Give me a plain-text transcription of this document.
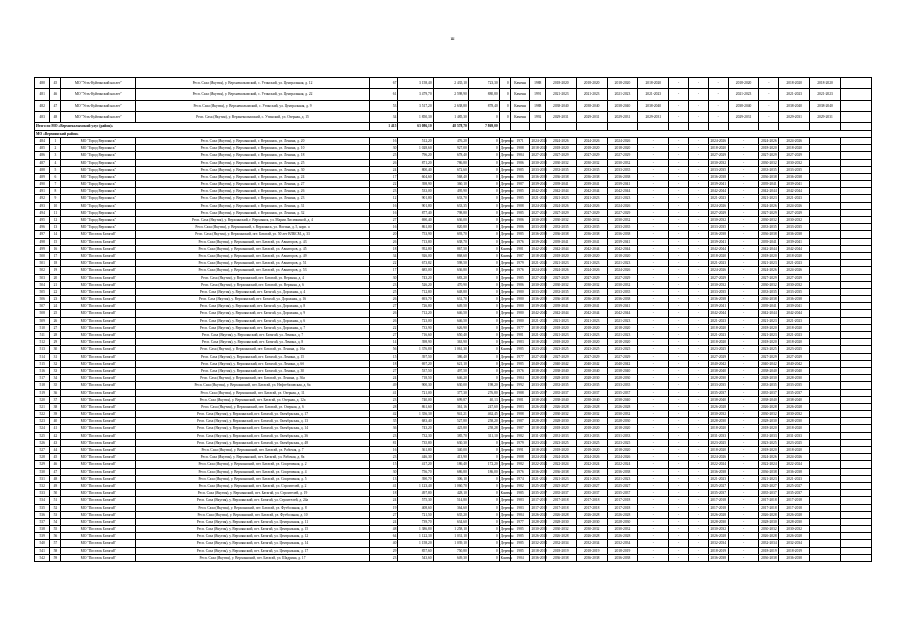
ш
480	45	МО "Усть-Куйгинский наслег"	Респ. Саха (Якутия), у. Верхнеколымский, с. Утинский, ул. Центральная, д. 12	67	3 158,40	2 435,10	723,30	0	Каменн	1988	2018-2020	2018-2020	2018-2020	2018-2020	-	-	-	2018-2020	-	2018-2020	2018-2020	
481	46	МО "Усть-Куйгинский наслег"	Респ. Саха (Якутия), у. Верхнеколымский, с. Утинский, ул. Центральная, д. 22	61	3 479,70	2 598,90	880,80	0	Каменн	1991	2021-2023	2021-2023	2021-2023	2021-2023	-	-	-	2021-2023	-	2021-2023	2021-2023	
482	47	МО "Усть-Куйгинский наслег"	Респ. Саха (Якутия), у. Верхнеколымский, с. Утинский, ул. Центральная, д. 9	53	3 517,20	2 638,80	878,40	0	Каменн	1988	2038-2040	2038-2040	2038-2040	2038-2040	-	-	-	2038-2040	-	2038-2040	2038-2040	
483	48	МО "Усть-Куйгинский наслег"	Респ. Саха (Якутия), у. Верхнеколымский, с. Утинский, ул. Озерная, д. 15	34	1 850,30	1 485,30	0	0	Каменн	1992	2029-2031	2029-2031	2029-2031	2029-2031	-	-	-	2029-2031	-	2029-2031	2029-2031	
Итого по МО «Верхнеколымский улус (район)»				1 415	63 086,10	48 578,70	7 869,00															
МО «Верхоянский район»																						
484	1	МО "Город Верхоянск"	Респ. Саха (Якутия), у. Верхоянский, г. Верхоянск, ул. Ленина, д. 20	16	512,20	476,20	0	Деревян	1971	2024-2026	2024-2026	2024-2026	2024-2026	-	-	-	2024-2026	-	2024-2026	2024-2026		
485	2	МО "Город Верхоянск"	Респ. Саха (Якутия), у. Верхоянский, г. Верхоянск, ул. Ленина, д. 10	30	1 028,60	927,00	0	Деревян	1988	2018-2020	2018-2020	2018-2020	2018-2020	-	-	-	2018-2020	-	2018-2020	2018-2020		
486	3	МО "Город Верхоянск"	Респ. Саха (Якутия), у. Верхоянский, г. Верхоянск, ул. Ленина, д. 18	25	796,20	678,40	0	Деревян	1984	2027-2029	2027-2029	2027-2029	2027-2029	-	-	-	2027-2029	-	2027-2029	2027-2029		
487	4	МО "Город Верхоянск"	Респ. Саха (Якутия), у. Верхоянский, г. Верхоянск, ул. Ленина, д. 25	26	871,20	786,80	0	Деревян	1986	2030-2032	2030-2032	2030-2032	2030-2032	-	-	-	2030-2032	-	2030-2032	2030-2032		
488	5	МО "Город Верхоянск"	Респ. Саха (Якутия), у. Верхоянский, г. Верхоянск, ул. Ленина, д. 30	24	800,40	672,60	0	Деревян	1985	2033-2035	2033-2035	2033-2035	2033-2035	-	-	-	2033-2035	-	2033-2035	2033-2035		
489	6	МО "Город Верхоянск"	Респ. Саха (Якутия), у. Верхоянский, г. Верхоянск, ул. Ленина, д. 24	17	604,60	568,40	0	Деревян	1986	2036-2038	2036-2038	2036-2038	2036-2038	-	-	-	2036-2038	-	2036-2038	2036-2038		
490	7	МО "Город Верхоянск"	Респ. Саха (Якутия), у. Верхоянский, г. Верхоянск, ул. Ленина, д. 27	22	398,90	360,10	0	Деревян	1987	2039-2041	2039-2041	2039-2041	2039-2041	-	-	-	2039-2041	-	2039-2041	2039-2041		
491	8	МО "Город Верхоянск"	Респ. Саха (Якутия), у. Верхоянский, г. Верхоянск, ул. Ленина, д. 26	23	533,00	495,90	0	Деревян	1985	2042-2044	2042-2044	2042-2044	2042-2044	-	-	-	2042-2044	-	2042-2044	2042-2044		
492	9	МО "Город Верхоянск"	Респ. Саха (Якутия), у. Верхоянский, г. Верхоянск, ул. Ленина, д. 23	12	901,80	633,70	0	Деревян	1985	2021-2023	2021-2023	2021-2023	2021-2023	-	-	-	2021-2023	-	2021-2023	2021-2023		
493	10	МО "Город Верхоянск"	Респ. Саха (Якутия), у. Верхоянский, г. Верхоянск, ул. Ленина, д. 31	16	901,80	633,35	0	Деревян	1988	2024-2026	2024-2026	2024-2026	2024-2026	-	-	-	2024-2026	-	2024-2026	2024-2026		
494	11	МО "Город Верхоянск"	Респ. Саха (Якутия), у. Верхоянский, г. Верхоянск, ул. Ленина, д. 32	16	877,40	798,80	0	Деревян	1985	2027-2029	2027-2029	2027-2029	2027-2029	-	-	-	2027-2029	-	2027-2029	2027-2029		
495	12	МО "Город Верхоянск"	Респ. Саха (Якутия), у. Верхоянский, г. Верхоянск, ул. Марии Лисичкиной, д. 4	27	690,40	636,00	0	Деревян	1986	2030-2032	2030-2032	2030-2032	2030-2032	-	-	-	2030-2032	-	2030-2032	2030-2032		
496	13	МО "Город Верхоянск"	Респ. Саха (Якутия), у. Верхоянский, г. Верхоянск, ул. Ногина, д. 5, корп. а	16	861,00	820,80	0	Деревян	1986	2033-2035	2033-2035	2033-2035	2033-2035	-	-	-	2033-2035	-	2033-2035	2033-2035		
497	14	МО "Поселок Батагай"	Респ. Саха (Якутия), у. Верхоянский, пгт. Батагай, ул. 50 лет ВЛКСМ, д. 33	20	753,90	693,70	0	Деревян	1985	2036-2038	2036-2038	2036-2038	2036-2038	-	-	-	2036-2038	-	2036-2038	2036-2038		
498	15	МО "Поселок Батагай"	Респ. Саха (Якутия), у. Верхоянский, пгт. Батагай, ул. Авиаторов, д. 43	26	713,80	638,70	0	Деревян	1976	2039-2041	2039-2041	2039-2041	2039-2041	-	-	-	2039-2041	-	2039-2041	2039-2041		
499	16	МО "Поселок Батагай"	Респ. Саха (Якутия), у. Верхоянский, пгт. Батагай, ул. Авиаторов, д. 45	18	952,80	867,50	0	Каменн	1981	2042-2044	2042-2044	2042-2044	2042-2044	-	-	-	2042-2044	-	2042-2044	2042-2044		
500	17	МО "Поселок Батагай"	Респ. Саха (Якутия), у. Верхоянский, пгт. Батагай, ул. Авиаторов, д. 49	34	926,00	868,60	0	Каменн	1987	2018-2020	2018-2020	2018-2020	2018-2020	-	-	-	2018-2020	-	2018-2020	2018-2020		
501	18	МО "Поселок Батагай"	Респ. Саха (Якутия), у. Верхоянский, пгт. Батагай, ул. Авиаторов, д. 51	22	673,82	598,50	0	Деревян	1979	2021-2023	2021-2023	2021-2023	2021-2023	-	-	-	2021-2023	-	2021-2023	2021-2023		
502	19	МО "Поселок Батагай"	Респ. Саха (Якутия), у. Верхоянский, пгт. Батагай, ул. Авиаторов, д. 53	17	685,00	636,80	0	Деревян	1976	2024-2026	2024-2026	2024-2026	2024-2026	-	-	-	2024-2026	-	2024-2026	2024-2026		
503	20	МО "Поселок Батагай"	Респ. Саха (Якутия), у. Верхоянский, пгт. Батагай, ул. Верхняя, д. 4	30	743,20	683,20	0	Деревян	1985	2027-2029	2027-2029	2027-2029	2027-2029	-	-	-	2027-2029	-	2027-2029	2027-2029		
504	21	МО "Поселок Батагай"	Респ. Саха (Якутия), у. Верхоянский, пгт. Батагай, ул. Верхняя, д. 6	23	526,20	470,90	0	Деревян	1986	2030-2032	2030-2032	2030-2032	2030-2032	-	-	-	2030-2032	-	2030-2032	2030-2032		
505	22	МО "Поселок Батагай"	Респ. Саха (Якутия), у. Верхоянский, пгт. Батагай, ул. Дорожная, д. 4	25	712,80	648,80	0	Деревян	1980	2033-2035	2033-2035	2033-2035	2033-2035	-	-	-	2033-2035	-	2033-2035	2033-2035		
506	23	МО "Поселок Батагай"	Респ. Саха (Якутия), у. Верхоянский, пгт. Батагай, ул. Дорожная, д. 16	26	693,70	631,70	0	Деревян	1980	2036-2038	2036-2038	2036-2038	2036-2038	-	-	-	2036-2038	-	2036-2038	2036-2038		
507	24	МО "Поселок Батагай"	Респ. Саха (Якутия), у. Верхоянский, пгт. Батагай, ул. Дорожная, д. 8	27	726,80	649,50	0	Деревян	1980	2039-2041	2039-2041	2039-2041	2039-2041	-	-	-	2039-2041	-	2039-2041	2039-2041		
508	25	МО "Поселок Батагай"	Респ. Саха (Якутия), у. Верхоянский, пгт. Батагай, ул. Дорожная, д. 9	26	712,20	646,50	0	Деревян	1980	2042-2044	2042-2044	2042-2044	2042-2044	-	-	-	2042-2044	-	2042-2044	2042-2044		
509	26	МО "Поселок Батагай"	Респ. Саха (Якутия), у. Верхоянский, пгт. Батагай, ул. Дорожная, д. 6	26	723,00	646,50	0	Деревян	1980	2021-2023	2021-2023	2021-2023	2021-2023	-	-	-	2021-2023	-	2021-2023	2021-2023		
510	27	МО "Поселок Батагай"	Респ. Саха (Якутия), у. Верхоянский, пгт. Батагай, ул. Дорожная, д. 7	22	733,90	626,90	0	Деревян	1977	2018-2020	2018-2020	2018-2020	2018-2020	-	-	-	2018-2020	-	2018-2020	2018-2020		
511	28	МО "Поселок Батагай"	Респ. Саха (Якутия), у. Верхоянский, пгт. Батагай, ул. Ленина, д. 7	27	716,60	650,40	0	Деревян	1981	2021-2023	2021-2023	2021-2023	2021-2023	-	-	-	2021-2023	-	2021-2023	2021-2023		
512	29	МО "Поселок Батагай"	Респ. Саха (Якутия), у. Верхоянский, пгт. Батагай, ул. Ленина, д. 8	14	398,90	363,90	0	Деревян	1983	2018-2020	2018-2020	2018-2020	2018-2020	-	-	-	2018-2020	-	2018-2020	2018-2020		
513	30	МО "Поселок Батагай"	Респ. Саха (Якутия), у. Верхоянский, пгт. Батагай, ул. Ленина, д. 16а	56	1 376,80	1 061,30	0	Каменн	1985	2023-2025	2023-2025	2023-2025	2023-2025	-	-	-	2023-2025	-	2023-2025	2023-2025		
514	31	МО "Поселок Батагай"	Респ. Саха (Якутия), у. Верхоянский, пгт. Батагай, ул. Ленина, д. 15	15	397,50	386,40	0	Деревян	1977	2027-2029	2027-2029	2027-2029	2027-2029	-	-	-	2027-2029	-	2027-2029	2027-2029		
515	32	МО "Поселок Батагай"	Респ. Саха (Якутия), у. Верхоянский, пгт. Батагай, ул. Ленина, д. 6б	18	697,20	621,10	0	Деревян	1985	2040-2042	2040-2042	2040-2042	2040-2042	-	-	-	2040-2042	-	2040-2042	2040-2042		
516	33	МО "Поселок Батагай"	Респ. Саха (Якутия), у. Верхоянский, пгт. Батагай, ул. Ленина, д. 30	27	537,50	497,50	0	Деревян	1976	2038-2040	2038-2040	2038-2040	2038-2040	-	-	-	2038-2040	-	2038-2040	2038-2040		
517	34	МО "Поселок Батагай"	Респ. Саха (Якутия), у. Верхоянский, пгт. Батагай, ул. Ленина, д. 36а	24	718,50	646,20	0	Деревян	1984	2028-2030	2028-2030	2028-2030	2028-2030	-	-	-	2028-2030	-	2028-2030	2028-2030		
518	35	МО "Поселок Батагай"	Респ. Саха (Якутия), у. Верхоянский, пгт. Батагай, ул. Нефтебазовская, д. 6а	49	900,30	630,00	198,20	Деревян	1992	2033-2035	2033-2035	2033-2035	2033-2035	-	-	-	2033-2035	-	2033-2035	2033-2035		
519	36	МО "Поселок Батагай"	Респ. Саха (Якутия), у. Верхоянский, пгт. Батагай, ул. Озерная, д. 11	41	721,00	377,30	276,80	Деревян	1988	2035-2037	2035-2037	2035-2037	2035-2037	-	-	-	2035-2037	-	2035-2037	2035-2037		
520	37	МО "Поселок Батагай"	Респ. Саха (Якутия), у. Верхоянский, пгт. Батагай, ул. Озерная, д. 12а	23	740,00	699,87	40,13	Деревян	1981	2038-2040	2038-2040	2038-2040	2038-2040	-	-	-	2038-2040	-	2038-2040	2038-2040		
521	38	МО "Поселок Батагай"	Респ. Саха (Якутия), у. Верхоянский, пгт. Батагай, ул. Озерная, д. 6	28	861,60	361,16	247,60	Деревян	1983	2026-2028	2026-2028	2026-2028	2026-2028	-	-	-	2026-2028	-	2026-2028	2026-2028		
522	39	МО "Поселок Батагай"	Респ. Саха (Якутия), у. Верхоянский, пгт. Батагай, ул. Октябрьская, д. 17	42	1 356,30	941,21	462,45	Деревян	1988	2030-2032	2030-2032	2030-2032	2030-2032	-	-	-	2030-2032	-	2030-2032	2030-2032		
523	40	МО "Поселок Батагай"	Респ. Саха (Якутия), у. Верхоянский, пгт. Батагай, ул. Октябрьская, д. 13	35	683,40	527,80	258,20	Деревян	1987	2028-2030	2028-2030	2028-2030	2028-2030	-	-	-	2028-2030	-	2028-2030	2028-2030		
524	41	МО "Поселок Батагай"	Респ. Саха (Якутия), у. Верхоянский, пгт. Батагай, ул. Октябрьская, д. 14	36	743,20	425,80	258,28	Деревян	1987	2018-2020	2018-2020	2018-2020	2018-2020	-	-	-	2018-2020	-	2018-2020	2018-2020		
525	42	МО "Поселок Батагай"	Респ. Саха (Якутия), у. Верхоянский, пгт. Батагай, ул. Октябрьская, д. 36	23	732,30	385,70	311,10	Деревян	1982	2031-2033	2031-2033	2031-2033	2031-2033	-	-	-	2031-2033	-	2031-2033	2031-2033		
526	43	МО "Поселок Батагай"	Респ. Саха (Якутия), у. Верхоянский, пгт. Батагай, ул. Октябрьская, д. 48	81	735,80	630,30	0	Деревян	1979	2023-2025	2023-2025	2023-2025	2023-2025	-	-	-	2023-2025	-	2023-2025	2023-2025		
527	44	МО "Поселок Батагай"	Респ. Саха (Якутия), у. Верхоянский, пгт. Батагай, ул. Рабочая, д. 7	16	361,80	340,00	0	Деревян	1991	2018-2020	2018-2020	2018-2020	2018-2020	-	-	-	2018-2020	-	2018-2020	2018-2020		
528	45	МО "Поселок Батагай"	Респ. Саха (Якутия), у. Верхоянский, пгт. Батагай, ул. Рабочая, д. 8а	23	446,30	413,90	0	Деревян	1988	2024-2026	2024-2026	2024-2026	2024-2026	-	-	-	2024-2026	-	2024-2026	2024-2026		
529	46	МО "Поселок Батагай"	Респ. Саха (Якутия), у. Верхоянский, пгт. Батагай, ул. Спортивная, д. 2	15	417,20	186,40	172,20	Деревян	1982	2022-2024	2022-2024	2022-2024	2022-2024	-	-	-	2022-2024	-	2022-2024	2022-2024		
530	47	МО "Поселок Батагай"	Респ. Саха (Якутия), у. Верхоянский, пгт. Батагай, ул. Спортивная, д. 4	30	756,70	686,80	186,00	Деревян	1976	2036-2038	2036-2038	2036-2038	2036-2038	-	-	-	2036-2038	-	2036-2038	2036-2038		
531	48	МО "Поселок Батагай"	Респ. Саха (Якутия), у. Верхоянский, пгт. Батагай, ул. Спортивная, д. 5	13	390,70	306,10	0	Деревян	1974	2021-2023	2021-2023	2021-2023	2021-2023	-	-	-	2021-2023	-	2021-2023	2021-2023		
532	49	МО "Поселок Батагай"	Респ. Саха (Якутия), у. Верхоянский, пгт. Батагай, ул. Строителей, д. 2	41	1 123,40	1 060,70	0	Деревян	1982	2025-2027	2025-2027	2025-2027	2025-2027	-	-	-	2025-2027	-	2025-2027	2025-2027		
533	50	МО "Поселок Батагай"	Респ. Саха (Якутия), у. Верхоянский, пгт. Батагай, ул. Строителей, д. 19	18	497,80	428,10	0	Каменн	1985	2035-2037	2035-2037	2035-2037	2035-2037	-	-	-	2035-2037	-	2035-2037	2035-2037		
534	51	МО "Поселок Батагай"	Респ. Саха (Якутия), у. Верхоянский, пгт. Батагай, ул. Строителей, д. 24а	24	575,30	514,80	0	Деревян	1983	2017-2018	2017-2018	2017-2018	2017-2018	-	-	-	2017-2018	-	2017-2018	2017-2018		
535	52	МО "Поселок Батагай"	Респ. Саха (Якутия), у. Верхоянский, пгт. Батагай, ул. Футбольная, д. 8	19	408,60	364,60	0	Деревян	1983	2017-2018	2017-2018	2017-2018	2017-2018	-	-	-	2017-2018	-	2017-2018	2017-2018		
536	53	МО "Поселок Батагай"	Респ. Саха (Якутия), у. Верхоянский, пгт. Батагай, ул. Футбольная, д. 10	27	721,50	635,20	0	Деревян	1984	2026-2028	2026-2028	2026-2028	2026-2028	-	-	-	2026-2028	-	2026-2028	2026-2028		
537	54	МО "Поселок Батагай"	Респ. Саха (Якутия), у. Верхоянский, пгт. Батагай, ул. Центральная, д. 11	24	739,70	634,60	0	Деревян	1977	2028-2030	2028-2030	2028-2030	2028-2030	-	-	-	2028-2030	-	2028-2030	2028-2030		
538	55	МО "Поселок Батагай"	Респ. Саха (Якутия), у. Верхоянский, пгт. Батагай, ул. Центральная, д. 15	48	1 386,80	1 258,10	0	Деревян	1985	2030-2032	2030-2032	2030-2032	2030-2032	-	-	-	2030-2032	-	2030-2032	2030-2032		
539	56	МО "Поселок Батагай"	Респ. Саха (Якутия), у. Верхоянский, пгт. Батагай, ул. Центральная, д. 12	64	1 122,30	1 031,10	0	Деревян	1985	2026-2028	2026-2028	2026-2028	2026-2028	-	-	-	2026-2028	-	2026-2028	2026-2028		
540	57	МО "Поселок Батагай"	Респ. Саха (Якутия), у. Верхоянский, пгт. Батагай, ул. Центральная, д. 14	40	1 158,20	1 039,10	0	Деревян	1985	2032-2034	2032-2034	2032-2034	2032-2034	-	-	-	2032-2034	-	2032-2034	2032-2034		
541	58	МО "Поселок Батагай"	Респ. Саха (Якутия), у. Верхоянский, пгт. Батагай, ул. Центральная, д. 17	29	857,60	750,80	0	Деревян	1985	2018-2019	2018-2019	2018-2019	2018-2019	-	-	-	2018-2019	-	2018-2019	2018-2019		
542	59	МО "Поселок Батагай"	Респ. Саха (Якутия), у. Верхоянский, пгт. Батагай, ул. Шадрина, д. 17	23	543,60	649,30	0	Каменн	1984	2036-2038	2036-2038	2036-2038	2036-2038	-	-	-	2036-2038	-	2036-2038	2036-2038		
